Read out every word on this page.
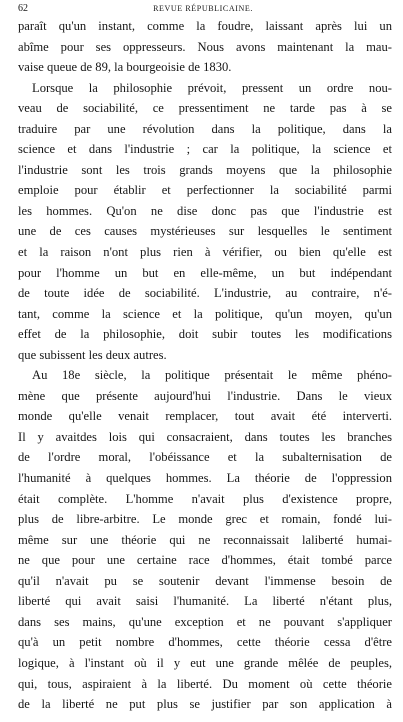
62	REVUE RÉPUBLICAINE.
paraît qu'un instant, comme la foudre, laissant après lui un
abîme pour ses oppresseurs. Nous avons maintenant la mau-
vaise queue de 89, la bourgeoisie de 1830.
Lorsque la philosophie prévoit, pressent un ordre nou-
veau de sociabilité, ce pressentiment ne tarde pas à se
traduire par une révolution dans la politique, dans la
science et dans l'industrie ; car la politique, la science et
l'industrie sont les trois grands moyens que la philosophie
emploie pour établir et perfectionner la sociabilité parmi
les hommes. Qu'on ne dise donc pas que l'industrie est
une de ces causes mystérieuses sur lesquelles le sentiment
et la raison n'ont plus rien à vérifier, ou bien qu'elle est
pour l'homme un but en elle-même, un but indépendant
de toute idée de sociabilité. L'industrie, au contraire, n'é-
tant, comme la science et la politique, qu'un moyen, qu'un
effet de la philosophie, doit subir toutes les modifications
que subissent les deux autres.
Au 18e siècle, la politique présentait le même phéno-
mène que présente aujourd'hui l'industrie. Dans le vieux
monde qu'elle venait remplacer, tout avait été interverti.
Il y avaitdes lois qui consacraient, dans toutes les branches
de l'ordre moral, l'obéissance et la subalternisation de
l'humanité à quelques hommes. La théorie de l'oppression
était complète. L'homme n'avait plus d'existence propre,
plus de libre-arbitre. Le monde grec et romain, fondé lui-
même sur une théorie qui ne reconnaissait laliberté humai-
ne que pour une certaine race d'hommes, était tombé parce
qu'il n'avait pu se soutenir devant l'immense besoin de
liberté qui avait saisi l'humanité. La liberté n'étant plus,
dans ses mains, qu'une exception et ne pouvant s'appliquer
qu'à un petit nombre d'hommes, cette théorie cessa d'être
logique, à l'instant où il y eut une grande mêlée de peuples,
qui, tous, aspiraient à la liberté. Du moment où cette théorie
de la liberté ne put plus se justifier par son application à
